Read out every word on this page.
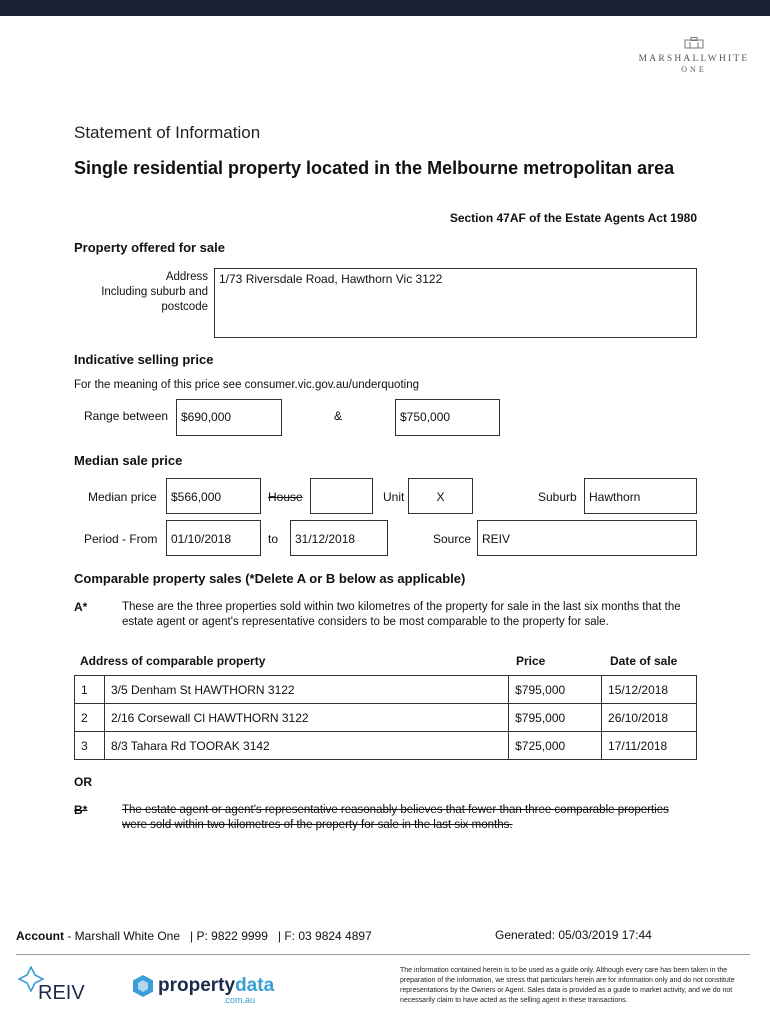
MARSHALLWHITE
ONE
Statement of Information
Single residential property located in the Melbourne metropolitan area
Section 47AF of the Estate Agents Act 1980
Property offered for sale
Address
Including suburb and
postcode
1/73 Riversdale Road, Hawthorn Vic 3122
Indicative selling price
For the meaning of this price see consumer.vic.gov.au/underquoting
Range between	$690,000	&	$750,000
Median sale price
Median price	$566,000	House	Unit	X	Suburb	Hawthorn
Period - From	01/10/2018	to	31/12/2018	Source REIV
Comparable property sales (*Delete A or B below as applicable)
A*	These are the three properties sold within two kilometres of the property for sale in the last six months that the estate agent or agent's representative considers to be most comparable to the property for sale.
Address of comparable property	Price	Date of sale
1	3/5 Denham St HAWTHORN 3122	$795,000	15/12/2018
2	2/16 Corsewall Cl HAWTHORN 3122	$795,000	26/10/2018
3	8/3 Tahara Rd TOORAK 3142	$725,000	17/11/2018
OR
B*	The estate agent or agent's representative reasonably believes that fewer than three comparable properties were sold within two kilometres of the property for sale in the last six months.
Account - Marshall White One   | P: 9822 9999   | F: 03 9824 4897	Generated: 05/03/2019 17:44
REIV	propertydata
.com.au
The information contained herein is to be used as a guide only. Although every care has been taken in the preparation of the information, we stress that particulars herein are for information only and do not constitute representations by the Owners or Agent. Sales data is provided as a guide to market activity, and we do not necessarily claim to have acted as the selling agent in these transactions.
